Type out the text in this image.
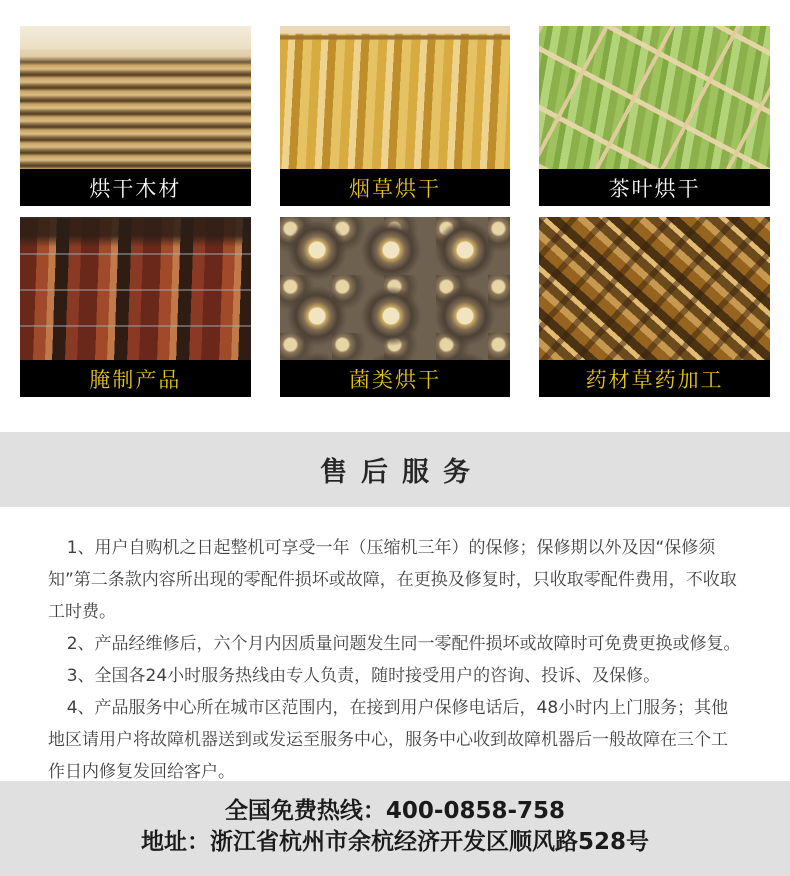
烘干木材	烟草烘干	茶叶烘干
腌制产品	菌类烘干	药材草药加工
售后服务

1、用户自购机之日起整机可享受一年（压缩机三年）的保修；保修期以外及因“保修须知”第二条款内容所出现的零配件损坏或故障，在更换及修复时，只收取零配件费用，不收取工时费。

2、产品经维修后，六个月内因质量问题发生同一零配件损坏或故障时可免费更换或修复。

3、全国各24小时服务热线由专人负责，随时接受用户的咨询、投诉、及保修。

4、产品服务中心所在城市区范围内，在接到用户保修电话后，48小时内上门服务；其他地区请用户将故障机器送到或发运至服务中心，服务中心收到故障机器后一般故障在三个工作日内修复发回给客户。

全国免费热线：400-0858-758
地址：浙江省杭州市余杭经济开发区顺风路528号
